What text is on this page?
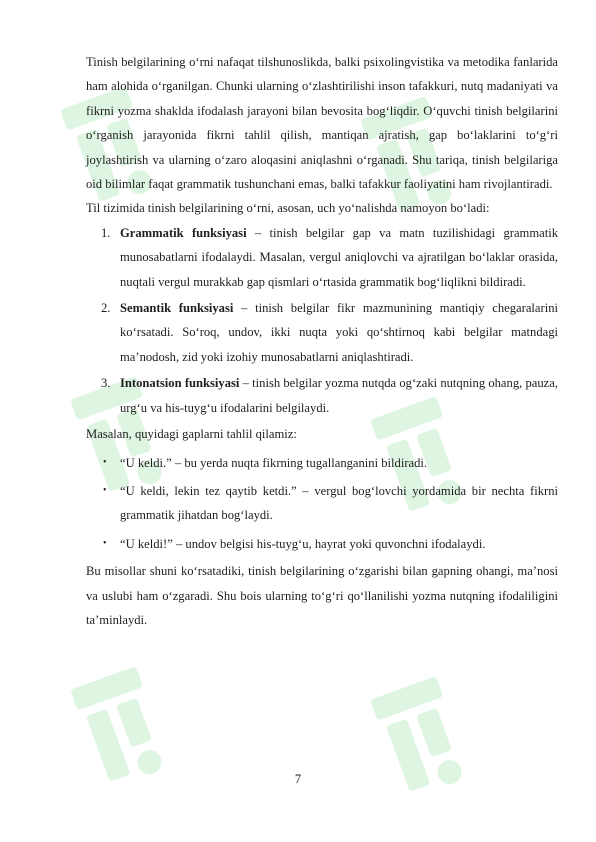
Tinish belgilarining o‘rni nafaqat tilshunoslikda, balki psixolingvistika va metodika fanlarida ham alohida o‘rganilgan. Chunki ularning o‘zlashtirilishi inson tafakkuri, nutq madaniyati va fikrni yozma shaklda ifodalash jarayoni bilan bevosita bog‘liqdir. O‘quvchi tinish belgilarini o‘rganish jarayonida fikrni tahlil qilish, mantiqan ajratish, gap bo‘laklarini to‘g‘ri joylashtirish va ularning o‘zaro aloqasini aniqlashni o‘rganadi. Shu tariqa, tinish belgilariga oid bilimlar faqat grammatik tushunchani emas, balki tafakkur faoliyatini ham rivojlantiradi.

Til tizimida tinish belgilarining o‘rni, asosan, uch yo‘nalishda namoyon bo‘ladi:

1. Grammatik funksiyasi – tinish belgilar gap va matn tuzilishidagi grammatik munosabatlarni ifodalaydi. Masalan, vergul aniqlovchi va ajratilgan bo‘laklar orasida, nuqtali vergul murakkab gap qismlari o‘rtasida grammatik bog‘liqlikni bildiradi.
2. Semantik funksiyasi – tinish belgilar fikr mazmunining mantiqiy chegaralarini ko‘rsatadi. So‘roq, undov, ikki nuqta yoki qo‘shtirnoq kabi belgilar matndagi ma’nodosh, zid yoki izohiy munosabatlarni aniqlashtiradi.
3. Intonatsion funksiyasi – tinish belgilar yozma nutqda og‘zaki nutqning ohang, pauza, urg‘u va his-tuyg‘u ifodalarini belgilaydi.

Masalan, quyidagi gaplarni tahlil qilamiz:

• “U keldi.” – bu yerda nuqta fikrning tugallanganini bildiradi.
• “U keldi, lekin tez qaytib ketdi.” – vergul bog‘lovchi yordamida bir nechta fikrni grammatik jihatdan bog‘laydi.
• “U keldi!” – undov belgisi his-tuyg‘u, hayrat yoki quvonchni ifodalaydi.

Bu misollar shuni ko‘rsatadiki, tinish belgilarining o‘zgarishi bilan gapning ohangi, ma’nosi va uslubi ham o‘zgaradi. Shu bois ularning to‘g‘ri qo‘llanilishi yozma nutqning ifodaliligini ta’minlaydi.

7
